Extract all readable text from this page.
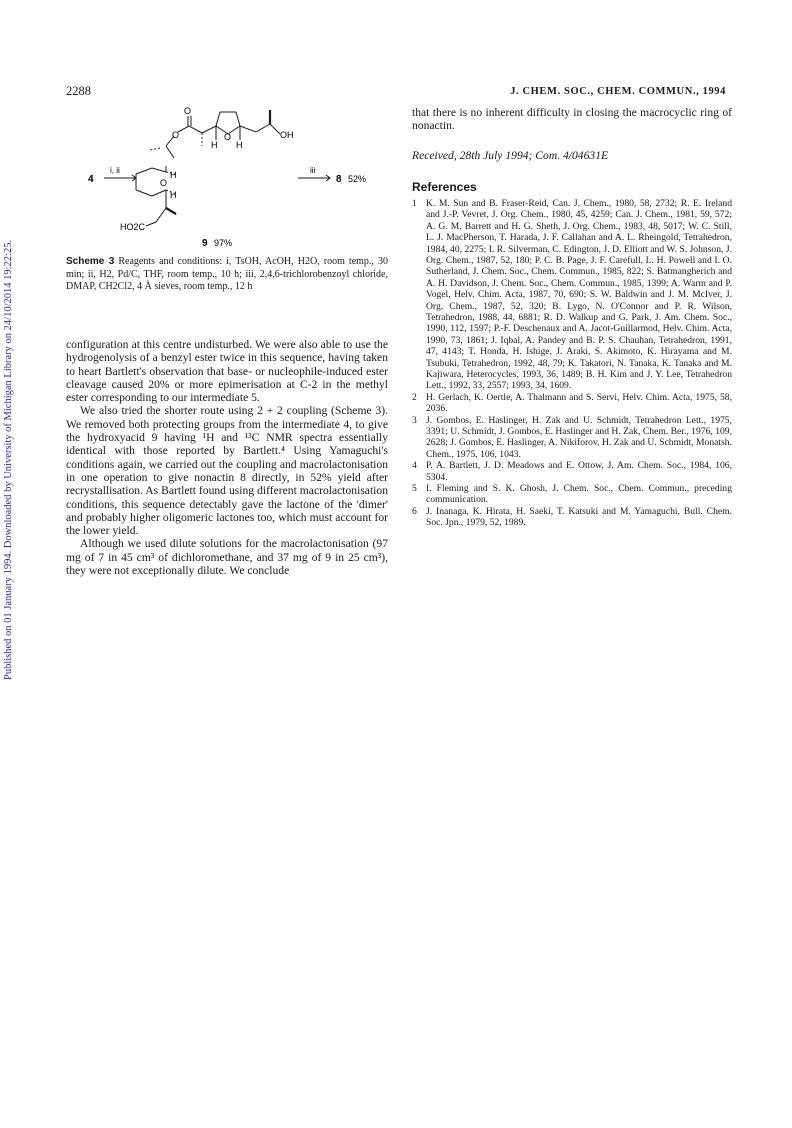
Published on 01 January 1994. Downloaded by University of Michigan Library on 24/10/2014 19:22:25.
2288	J. CHEM. SOC., CHEM. COMMUN., 1994
O
O	O
H H
OH
H
H
O
HO2C
4
i, ii	iii
8 52%
9 97%
Scheme 3 Reagents and conditions: i, TsOH, AcOH, H2O, room temp., 30 min; ii, H2, Pd/C, THF, room temp., 10 h; iii, 2,4,6-trichlorobenzoyl chloride, DMAP, CH2Cl2, 4 Å sieves, room temp., 12 h

configuration at this centre undisturbed. We were also able to use the hydrogenolysis of a benzyl ester twice in this sequence, having taken to heart Bartlett's observation that base- or nucleophile-induced ester cleavage caused 20% or more epimerisation at C-2 in the methyl ester corresponding to our intermediate 5.

We also tried the shorter route using 2 + 2 coupling (Scheme 3). We removed both protecting groups from the intermediate 4, to give the hydroxyacid 9 having ¹H and ¹³C NMR spectra essentially identical with those reported by Bartlett.⁴ Using Yamaguchi's conditions again, we carried out the coupling and macrolactonisation in one operation to give nonactin 8 directly, in 52% yield after recrystallisation. As Bartlett found using different macrolactonisation conditions, this sequence detectably gave the lactone of the 'dimer' and probably higher oligomeric lactones too, which must account for the lower yield.

Although we used dilute solutions for the macrolactonisation (97 mg of 7 in 45 cm³ of dichloromethane, and 37 mg of 9 in 25 cm³), they were not exceptionally dilute. We conclude

that there is no inherent difficulty in closing the macrocyclic ring of nonactin.

Received, 28th July 1994; Com. 4/04631E

References
1 K. M. Sun and B. Fraser-Reid, Can. J. Chem., 1980, 58, 2732; R. E. Ireland and J.-P. Vevret, J. Org. Chem., 1980, 45, 4259; Can. J. Chem., 1981, 59, 572; A. G. M. Barrett and H. G. Sheth, J. Org. Chem., 1983, 48, 5017; W. C. Still, L. J. MacPherson, T. Harada, J. F. Callahan and A. L. Rheingold, Tetrahedron, 1984, 40, 2275; I. R. Silverman, C. Edington, J. D. Elliott and W. S. Johnson, J. Org. Chem., 1987, 52, 180; P. C. B. Page, J. F. Carefull, L. H. Powell and I. O. Sutherland, J. Chem. Soc., Chem. Commun., 1985, 822; S. Batmangherich and A. H. Davidson, J. Chem. Soc., Chem. Commun., 1985, 1399; A. Warm and P. Vogel, Helv. Chim. Acta, 1987, 70, 690; S. W. Baldwin and J. M. McIver, J. Org. Chem., 1987, 52, 320; B. Lygo, N. O'Connor and P. R. Wilson, Tetrahedron, 1988, 44, 6881; R. D. Walkup and G. Park, J. Am. Chem. Soc., 1990, 112, 1597; P.-F. Deschenaux and A. Jacot-Guillarmod, Helv. Chim. Acta, 1990, 73, 1861; J. Iqbal, A. Pandey and B. P. S. Chauhan, Tetrahedron, 1991, 47, 4143; T. Honda, H. Ishige, J. Araki, S. Akimoto, K. Hirayama and M. Tsubuki, Tetrahedron, 1992, 48, 79; K. Takatori, N. Tanaka, K. Tanaka and M. Kajiwara, Heterocycles, 1993, 36, 1489; B. H. Kim and J. Y. Lee, Tetrahedron Lett., 1992, 33, 2557; 1993, 34, 1609.
2 H. Gerlach, K. Oertle, A. Thalmann and S. Servi, Helv. Chim. Acta, 1975, 58, 2036.
3 J. Gombos, E. Haslinger, H. Zak and U. Schmidt, Tetrahedron Lett., 1975, 3391; U. Schmidt, J. Gombos, E. Haslinger and H. Zak, Chem. Ber., 1976, 109, 2628; J. Gombos, E. Haslinger, A. Nikiforov, H. Zak and U. Schmidt, Monatsh. Chem., 1975, 106, 1043.
4 P. A. Bartlett, J. D. Meadows and E. Ottow, J. Am. Chem. Soc., 1984, 106, 5304.
5 I. Fleming and S. K. Ghosh, J. Chem. Soc., Chem. Commun., preceding communication.
6 J. Inanaga, K. Hirata, H. Saeki, T. Katsuki and M. Yamaguchi, Bull. Chem. Soc. Jpn., 1979, 52, 1989.
